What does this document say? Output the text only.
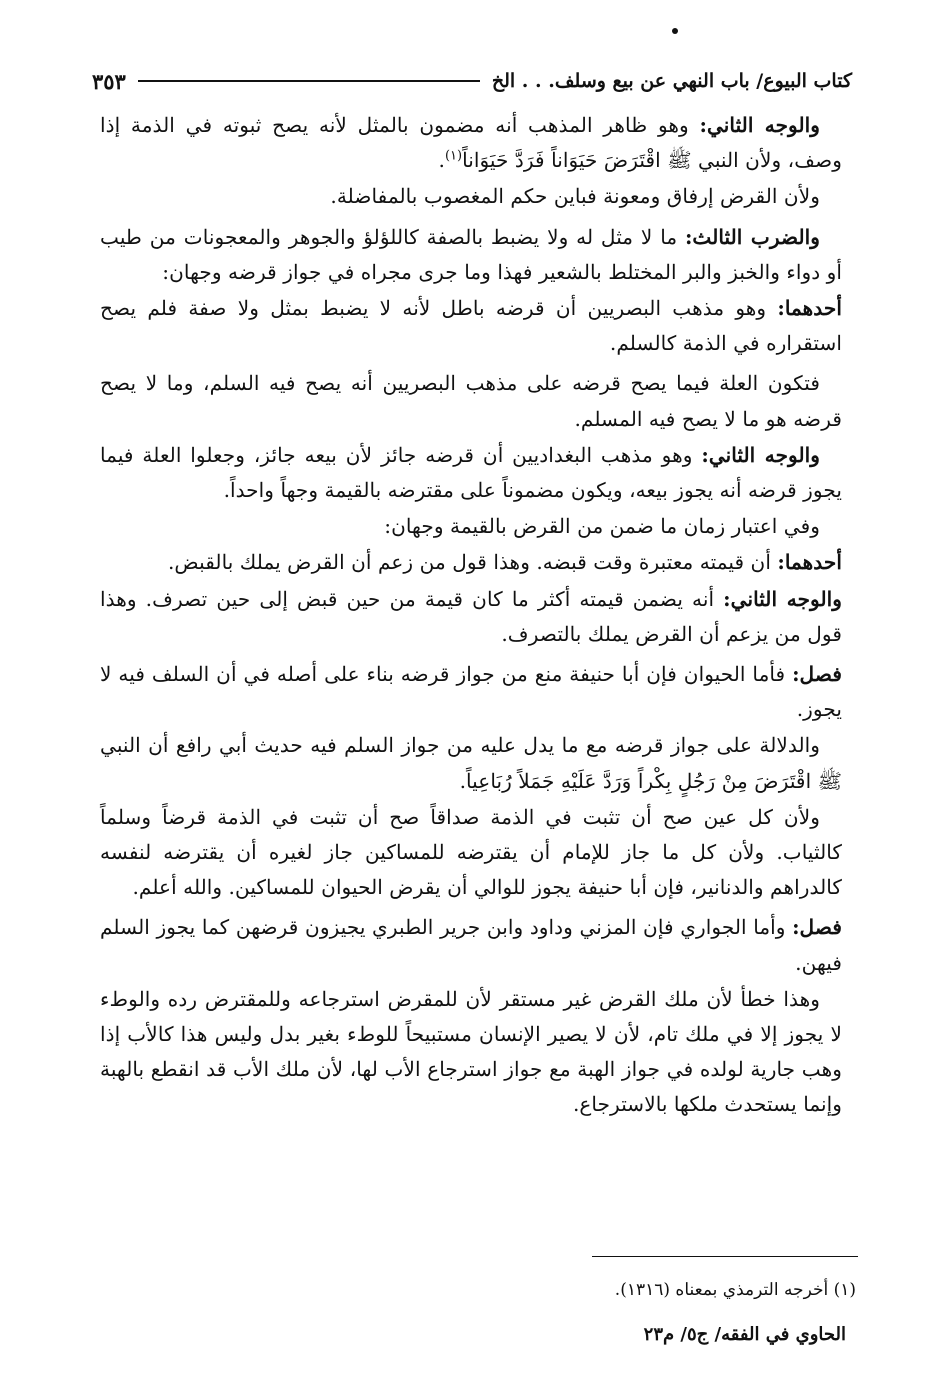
كتاب البيوع/ باب النهي عن بيع وسلف. . . الخ
٣٥٣

والوجه الثاني: وهو ظاهر المذهب أنه مضمون بالمثل لأنه يصح ثبوته في الذمة إذا وصف، ولأن النبي ﷺ اقْتَرَضَ حَيَوَاناً فَرَدَّ حَيَوَاناً$^{(١)}$.

ولأن القرض إرفاق ومعونة فباين حكم المغصوب بالمفاضلة.

والضرب الثالث: ما لا مثل له ولا يضبط بالصفة كاللؤلؤ والجوهر والمعجونات من طيب أو دواء والخبز والبر المختلط بالشعير فهذا وما جرى مجراه في جواز قرضه وجهان:

أحدهما: وهو مذهب البصريين أن قرضه باطل لأنه لا يضبط بمثل ولا صفة فلم يصح استقراره في الذمة كالسلم.

فتكون العلة فيما يصح قرضه على مذهب البصريين أنه يصح فيه السلم، وما لا يصح قرضه هو ما لا يصح فيه المسلم.

والوجه الثاني: وهو مذهب البغداديين أن قرضه جائز لأن بيعه جائز، وجعلوا العلة فيما يجوز قرضه أنه يجوز بيعه، ويكون مضموناً على مقترضه بالقيمة وجهاً واحداً.

وفي اعتبار زمان ما ضمن من القرض بالقيمة وجهان:

أحدهما: أن قيمته معتبرة وقت قبضه. وهذا قول من زعم أن القرض يملك بالقبض.

والوجه الثاني: أنه يضمن قيمته أكثر ما كان قيمة من حين قبض إلى حين تصرف. وهذا قول من يزعم أن القرض يملك بالتصرف.

فصل: فأما الحيوان فإن أبا حنيفة منع من جواز قرضه بناء على أصله في أن السلف فيه لا يجوز.

والدلالة على جواز قرضه مع ما يدل عليه من جواز السلم فيه حديث أبي رافع أن النبي ﷺ اقْتَرَضَ مِنْ رَجُلٍ بِكْراً وَرَدَّ عَلَيْهِ جَمَلاً رُبَاعِياً.

ولأن كل عين صح أن تثبت في الذمة صداقاً صح أن تثبت في الذمة قرضاً وسلماً كالثياب. ولأن كل ما جاز للإمام أن يقترضه للمساكين جاز لغيره أن يقترضه لنفسه كالدراهم والدنانير، فإن أبا حنيفة يجوز للوالي أن يقرض الحيوان للمساكين. والله أعلم.

فصل: وأما الجواري فإن المزني وداود وابن جرير الطبري يجيزون قرضهن كما يجوز السلم فيهن.

وهذا خطأ لأن ملك القرض غير مستقر لأن للمقرض استرجاعه وللمقترض رده والوطء لا يجوز إلا في ملك تام، لأن لا يصير الإنسان مستبيحاً للوطء بغير بدل وليس هذا كالأب إذا وهب جارية لولده في جواز الهبة مع جواز استرجاع الأب لها، لأن ملك الأب قد انقطع بالهبة وإنما يستحدث ملكها بالاسترجاع.

(١) أخرجه الترمذي بمعناه (١٣١٦).
الحاوي في الفقه/ ج٥/ م٢٣
